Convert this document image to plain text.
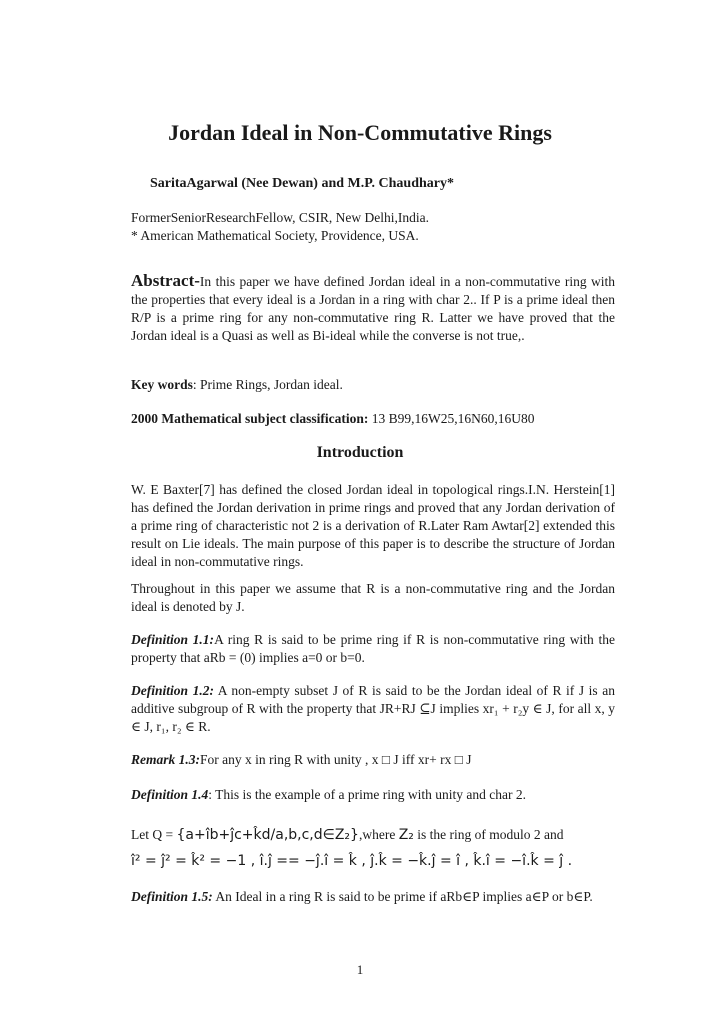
Jordan Ideal in Non-Commutative Rings
SaritaAgarwal (Nee Dewan) and M.P. Chaudhary*
FormerSeniorResearchFellow, CSIR, New Delhi,India.
* American Mathematical Society, Providence, USA.
Abstract-In this paper we have defined Jordan ideal in a non-commutative ring with the properties that every ideal is a Jordan in a ring with char 2.. If P is a prime ideal then R/P is a prime ring for any non-commutative ring R. Latter we have proved that the Jordan ideal is a Quasi as well as Bi-ideal while the converse is not true,.
Key words: Prime Rings, Jordan ideal.
2000 Mathematical subject classification: 13 B99,16W25,16N60,16U80
Introduction
W. E Baxter[7] has defined the closed Jordan ideal in topological rings.I.N. Herstein[1] has defined the Jordan derivation in prime rings and proved that any Jordan derivation of a prime ring of characteristic not 2 is a derivation of R.Later Ram Awtar[2] extended this result on Lie ideals. The main purpose of this paper is to describe the structure of Jordan ideal in non-commutative rings.
Throughout in this paper we assume that R is a non-commutative ring and the Jordan ideal is denoted by J.
Definition 1.1:A ring R is said to be prime ring if R is non-commutative ring with the property that aRb = (0) implies a=0 or b=0.
Definition 1.2: A non-empty subset J of R is said to be the Jordan ideal of R if J is an additive subgroup of R with the property that JR+RJ ⊆J implies xr₁ + r₂y ∈ J, for all x, y ∈ J, r₁, r₂ ∈ R.
Remark 1.3:For any x in ring R with unity , x □ J iff xr+ rx □ J
Definition 1.4: This is the example of a prime ring with unity and char 2.
Let Q = {a+îb+ĵc+k̂d/a,b,c,d∈Z₂},where Z₂ is the ring of modulo 2 and
î² = ĵ² = k̂² = −1 , î.ĵ == −ĵ.î = k̂ , ĵ.k̂ = −k̂.ĵ = î , k̂.î = −î.k̂ = ĵ .
Definition 1.5: An Ideal in a ring R is said to be prime if aRb∈P implies a∈P or b∈P.
1
